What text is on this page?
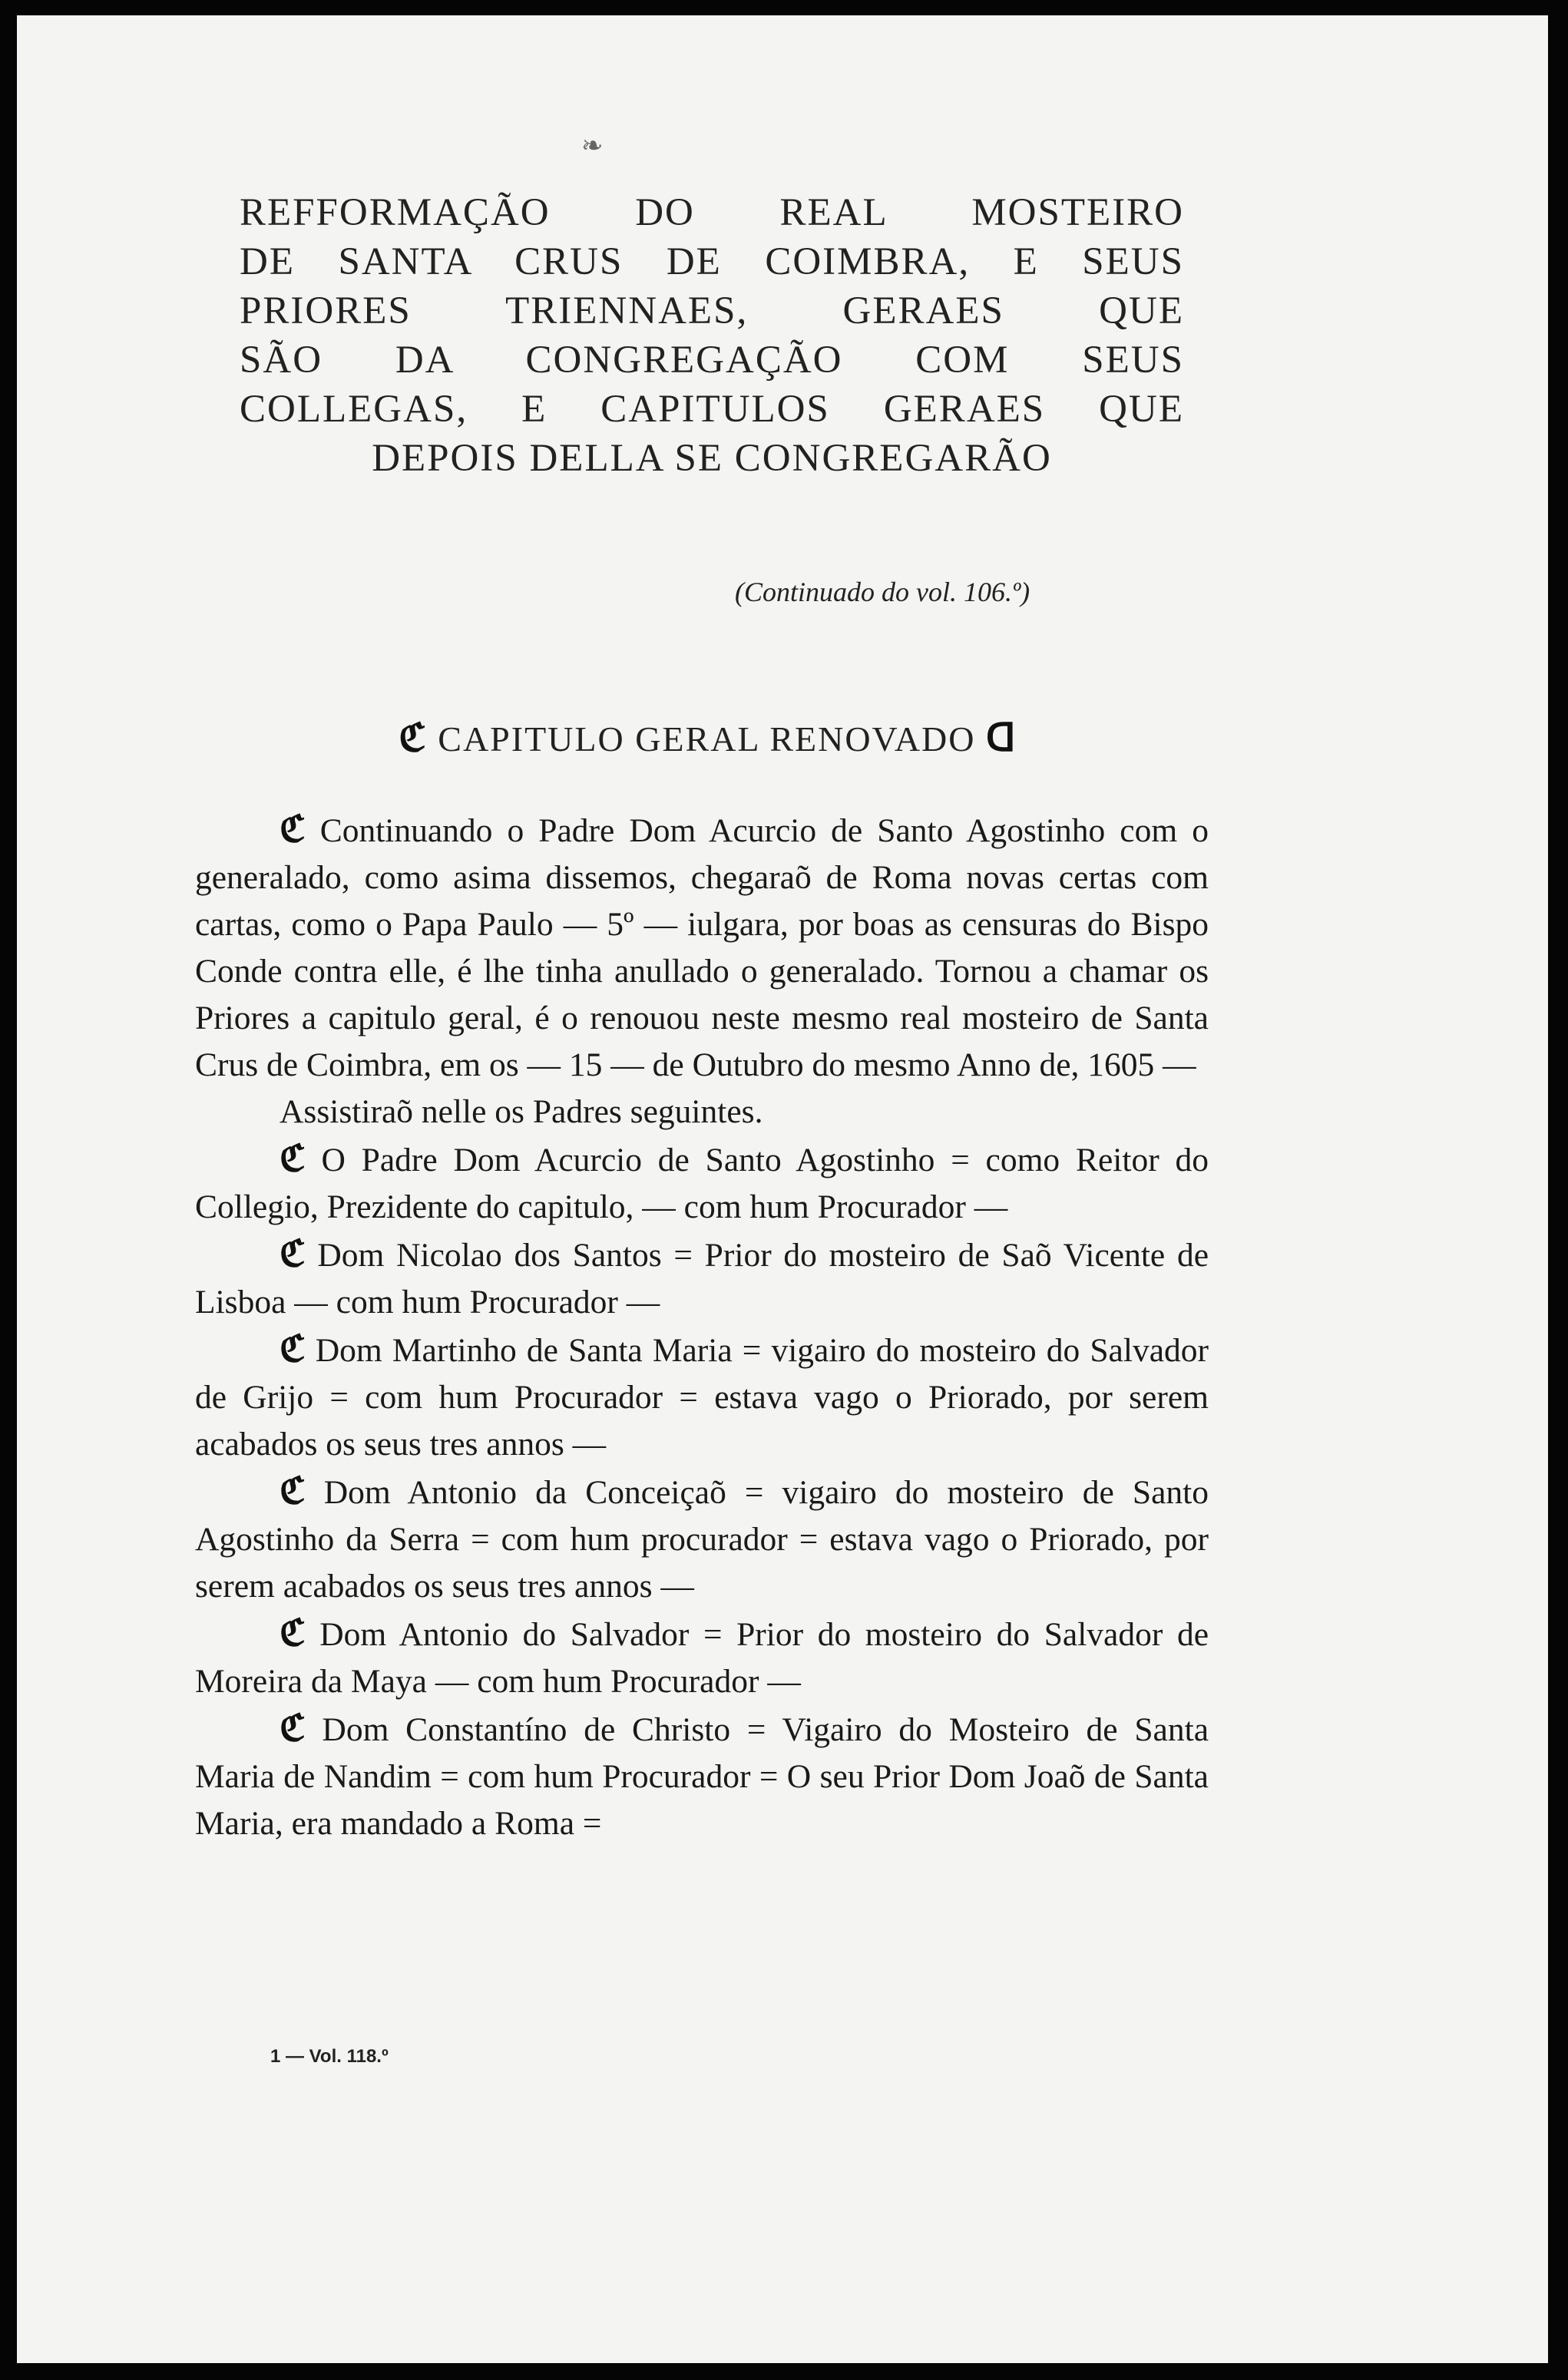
❧
REFFORMAÇÃO DO REAL MOSTEIRO
DE SANTA CRUS DE COIMBRA, E SEUS
PRIORES TRIENNAES, GERAES QUE
SÃO DA CONGREGAÇÃO COM SEUS
COLLEGAS, E CAPITULOS GERAES QUE
DEPOIS DELLA SE CONGREGARÃO
(Continuado do vol. 106.º)
ℭ CAPITULO GERAL RENOVADO ᗡ

ℭ Continuando o Padre Dom Acurcio de Santo Agostinho com o generalado, como asima dissemos, chegaraõ de Roma novas certas com cartas, como o Papa Paulo — 5º — iulgara, por boas as censuras do Bispo Conde contra elle, é lhe tinha anullado o generalado. Tornou a chamar os Priores a capitulo geral, é o renouou neste mesmo real mosteiro de Santa Crus de Coimbra, em os — 15 — de Outubro do mesmo Anno de, 1605 —

Assistiraõ nelle os Padres seguintes.

ℭ O Padre Dom Acurcio de Santo Agostinho = como Reitor do Collegio, Prezidente do capitulo, — com hum Procurador —

ℭ Dom Nicolao dos Santos = Prior do mosteiro de Saõ Vicente de Lisboa — com hum Procurador —

ℭ Dom Martinho de Santa Maria = vigairo do mosteiro do Salvador de Grijo = com hum Procurador = estava vago o Priorado, por serem acabados os seus tres annos —

ℭ Dom Antonio da Conceiçaõ = vigairo do mosteiro de Santo Agostinho da Serra = com hum procurador = estava vago o Priorado, por serem acabados os seus tres annos —

ℭ Dom Antonio do Salvador = Prior do mosteiro do Salvador de Moreira da Maya — com hum Procurador —

ℭ Dom Constantíno de Christo = Vigairo do Mosteiro de Santa Maria de Nandim = com hum Procurador = O seu Prior Dom Joaõ de Santa Maria, era mandado a Roma =

1 — Vol. 118.º
